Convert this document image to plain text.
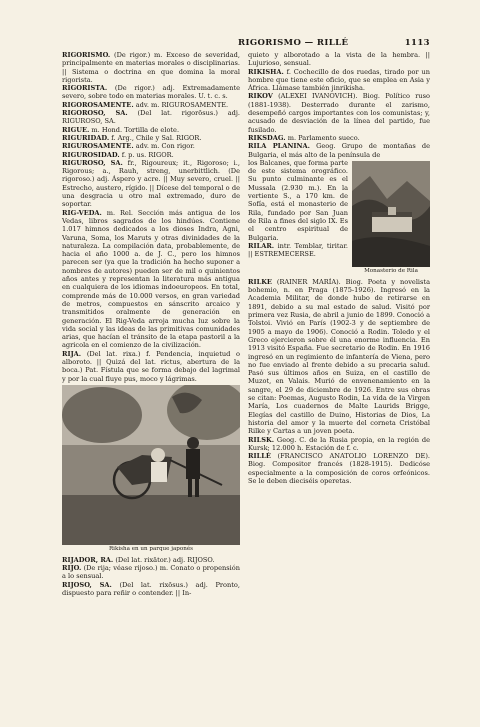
RIGORISMO — RILLÉ	1113

RIGORISMO. (De rigor.) m. Exceso de severidad, principalmente en materias morales o disciplinarias. || Sistema o doctrina en que domina la moral rigorista.

RIGORISTA. (De rigor.) adj. Extremadamente severo, sobre todo en materias morales. U. t. c. s.

RIGOROSAMENTE. adv. m. RIGUROSAMENTE.

RIGOROSO, SA. (Del lat. rigorōsus.) adj. RIGUROSO, SA.

RIGUE. m. Hond. Tortilla de elote.

RIGURIDAD. f. Arg., Chile y Sal. RIGOR.

RIGUROSAMENTE. adv. m. Con rigor.

RIGUROSIDAD. f. p. us. RIGOR.

RIGUROSO, SA. fr., Rigoureux; it., Rigoroso; i., Rigorous; a., Rauh, streng, unerbittlich. (De rigoroso.) adj. Áspero y acre. || Muy severo, cruel. || Estrecho, austero, rígido. || Dícese del temporal o de una desgracia u otro mal extremado, duro de soportar.

RIG-VEDA. m. Rel. Sección más antigua de los Vedas, libros sagrados de los hindúes. Contiene 1.017 himnos dedicados a los dioses Indra, Agni, Varuna, Soma, los Maruts y otras divinidades de la naturaleza. La compilación data, probablemente, de hacia el año 1000 a. de J. C., pero los himnos parecen ser (ya que la tradición ha hecho suponer a nombres de autores) pueden ser de mil o quinientos años antes y representan la literatura más antigua en cualquiera de los idiomas indoeuropeos. En total, comprende más de 10.000 versos, en gran variedad de metros, compuestos en sánscrito arcaico y transmitidos oralmente de generación en generación. El Rig-Veda arroja mucha luz sobre la vida social y las ideas de las primitivas comunidades arias, que hacían el tránsito de la etapa pastoril a la agricola en el comienzo de la civilización.

RIJA. (Del lat. rixa.) f. Pendencia, inquietud o alboroto. || Quizá del lat. rictus, abertura de la boca.) Pat. Fístula que se forma debajo del lagrimal y por la cual fluye pus, moco y lágrimas.

Rikisha en un parque japonés

RIJADOR, RA. (Del lat. rixātor.) adj. RIJOSO.

RIJO. (De rija; véase rijoso.) m. Conato o propensión a lo sensual.

RIJOSO, SA. (Del lat. rixōsus.) adj. Pronto, dispuesto para reñir o contender. || In-

quieto y alborotado a la vista de la hembra. || Lujurioso, sensual.

RIKISHA. f. Cochecillo de dos ruedas, tirado por un hombre que tiene este oficio, que se emplea en Asia y África. Llámase también jinrikisha.

RIKOV (ALEXEI IVANOVICH). Biog. Político ruso (1881-1938). Desterrado durante el zarismo, desempeñó cargos importantes con los comunistas; y, acusado de desviación de la línea del partido, fue fusilado.

RIKSDAG. m. Parlamento sueco.

RILA PLANINA. Geog. Grupo de montañas de Bulgaria, el más alto de la península de

los Balcanes, que forma parte de este sistema orográfico. Su punto culminante es el Mussala (2.930 m.). En la vertiente S., a 170 km. de Sofía, está el monasterio de Rila, fundado por San Juan de Rila a fines del siglo IX. Es el centro espiritual de Bulgaria.

RILAR. intr. Temblar, tiritar. || ESTREMECERSE.

Monasterio de Rila

RILKE (RAINER MARÍA). Biog. Poeta y novelista bohemio, n. en Praga (1875-1926). Ingresó en la Academia Militar, de donde hubo de retirarse en 1891, debido a su mal estado de salud. Visitó por primera vez Rusia, de abril a junio de 1899. Conoció a Tolstoi. Vivió en París (1902-3 y de septiembre de 1905 a mayo de 1906). Conoció a Rodin. Toledo y el Greco ejercieron sobre él una enorme influencia. En 1913 visitó España. Fue secretario de Rodin. En 1916 ingresó en un regimiento de infantería de Viena, pero no fue enviado al frente debido a su precaria salud. Pasó sus últimos años en Suiza, en el castillo de Muzot, en Valais. Murió de envenenamiento en la sangre, el 29 de diciembre de 1926. Entre sus obras se citan: Poemas, Augusto Rodin, La vida de la Virgen María, Los cuadernos de Malte Laurids Brigge, Elegías del castillo de Duino, Historias de Dios, La historia del amor y la muerte del corneta Cristóbal Rilke y Cartas a un joven poeta.

RILSK. Geog. C. de la Rusia propia, en la región de Kursk; 12.000 h. Estación de f. c.

RILLÉ (FRANCISCO ANATOLIO LORENZO DE). Biog. Compositor francés (1828-1915). Dedicóse especialmente a la composición de coros orfeónicos. Se le deben dieciséis operetas.
